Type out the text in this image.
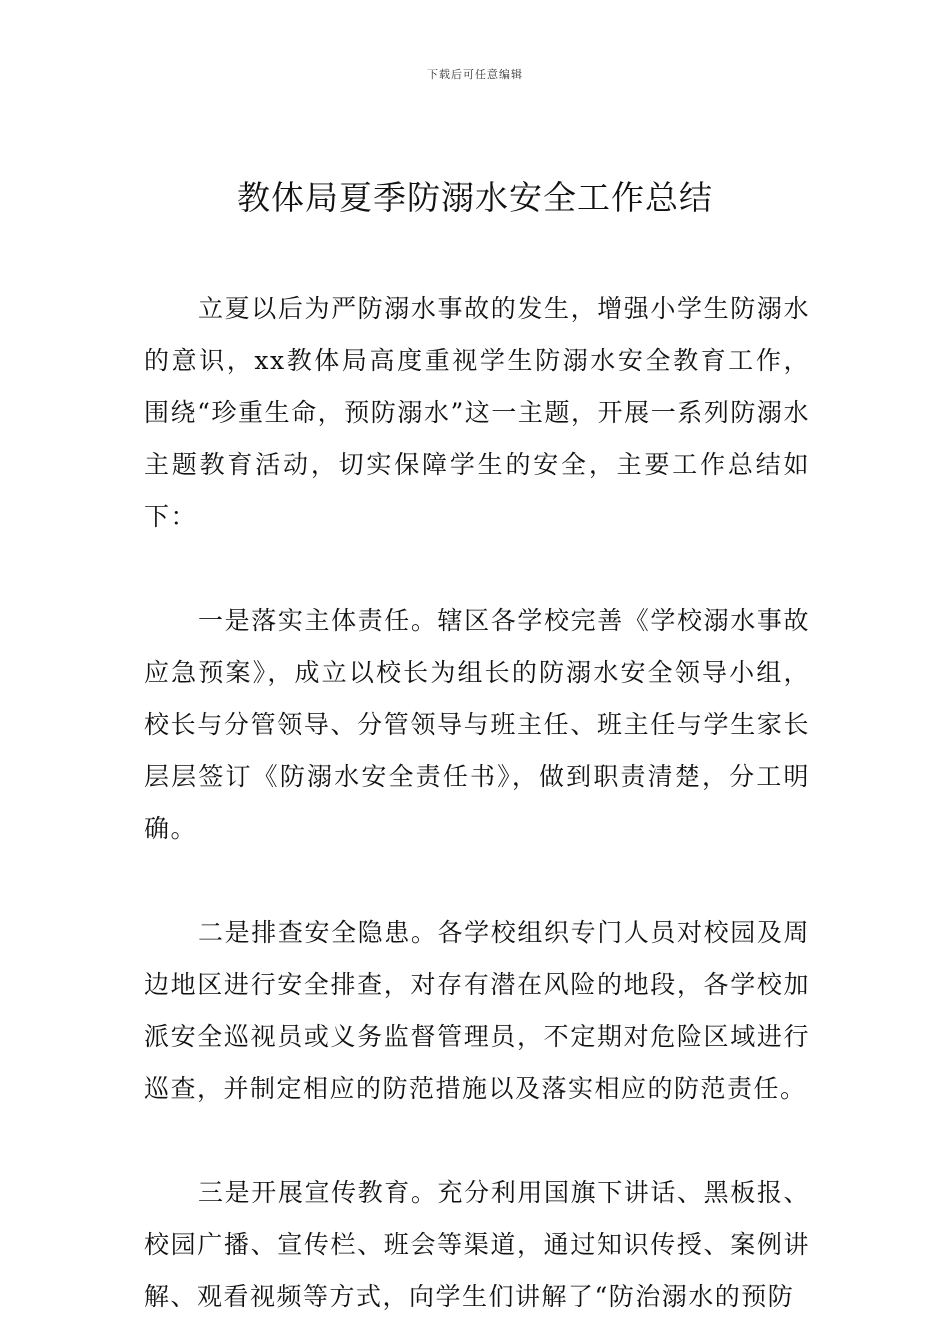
下载后可任意编辑
教体局夏季防溺水安全工作总结

立夏以后为严防溺水事故的发生，增强小学生防溺水的意识，xx教体局高度重视学生防溺水安全教育工作，围绕“珍重生命，预防溺水”这一主题，开展一系列防溺水主题教育活动，切实保障学生的安全，主要工作总结如下：

一是落实主体责任。辖区各学校完善《学校溺水事故应急预案》，成立以校长为组长的防溺水安全领导小组，校长与分管领导、分管领导与班主任、班主任与学生家长层层签订《防溺水安全责任书》，做到职责清楚，分工明确。

二是排查安全隐患。各学校组织专门人员对校园及周边地区进行安全排查，对存有潜在风险的地段，各学校加派安全巡视员或义务监督管理员，不定期对危险区域进行巡查，并制定相应的防范措施以及落实相应的防范责任。

三是开展宣传教育。充分利用国旗下讲话、黑板报、校园广播、宣传栏、班会等渠道，通过知识传授、案例讲解、观看视频等方式，向学生们讲解了“防治溺水的预防
